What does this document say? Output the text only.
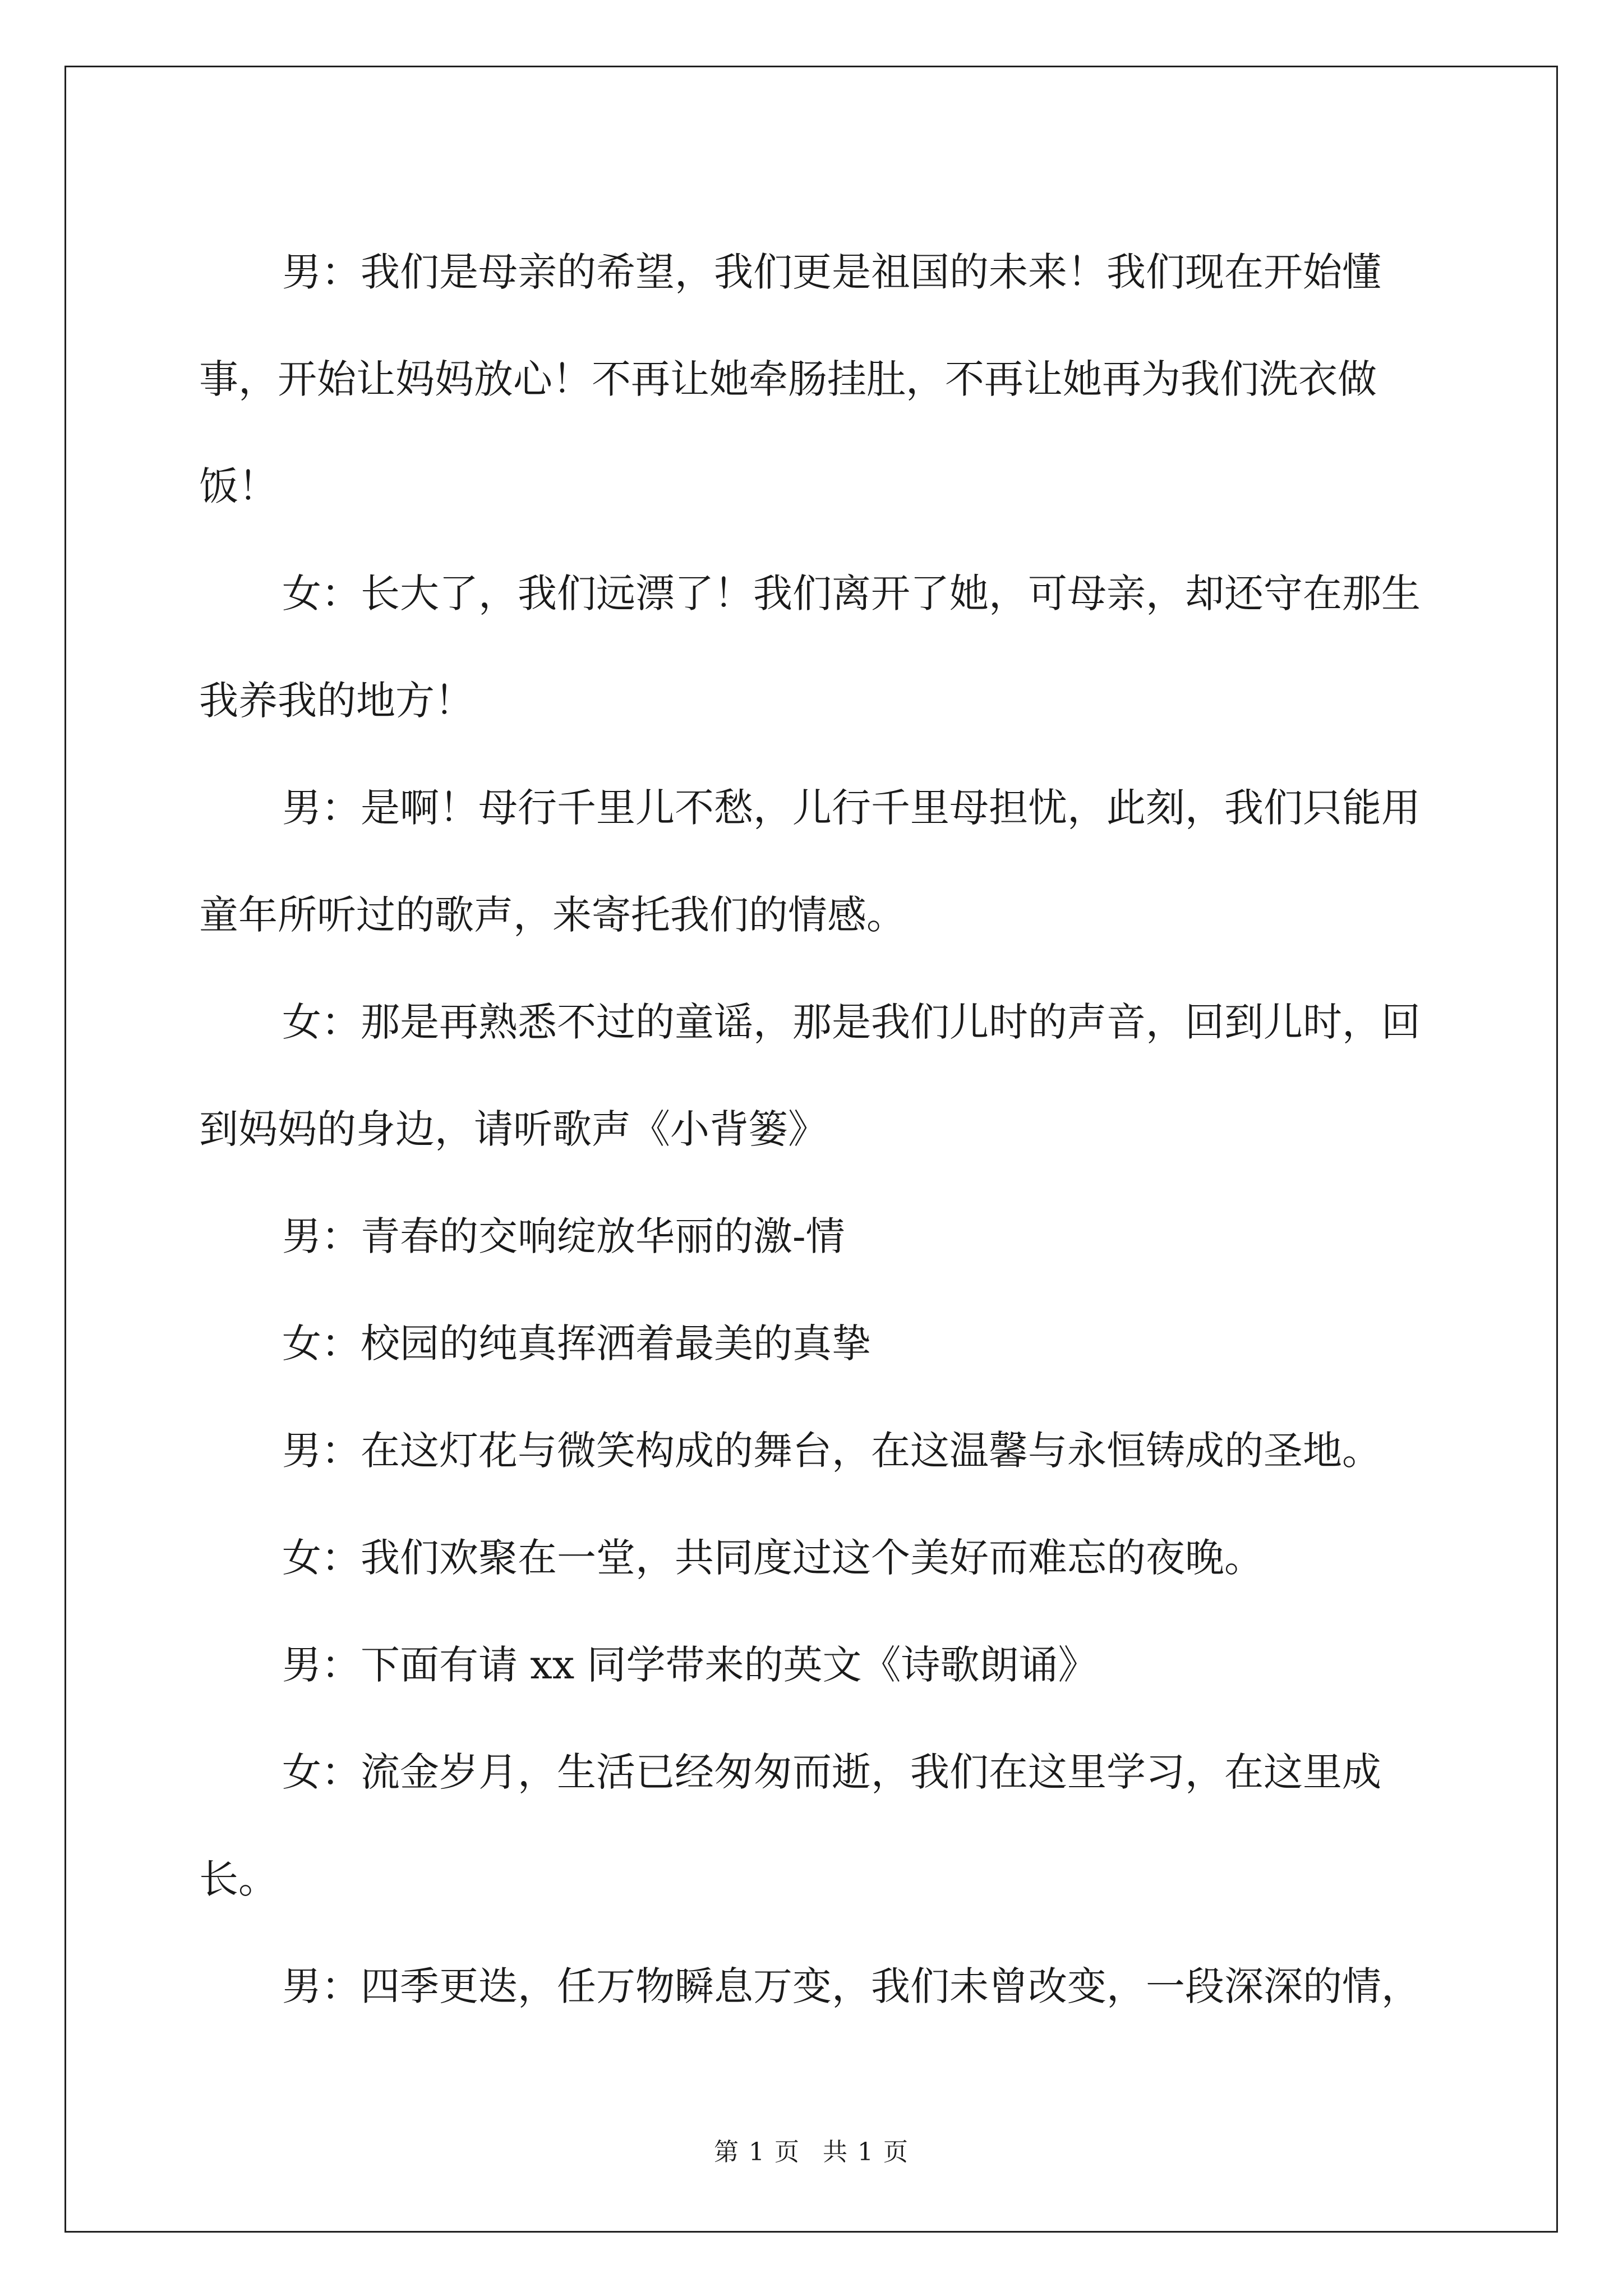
男：我们是母亲的希望，我们更是祖国的未来！我们现在开始懂事，开始让妈妈放心！不再让她牵肠挂肚，不再让她再为我们洗衣做饭！

女：长大了，我们远漂了！我们离开了她，可母亲，却还守在那生我养我的地方！

男：是啊！母行千里儿不愁，儿行千里母担忧，此刻，我们只能用童年所听过的歌声，来寄托我们的情感。

女：那是再熟悉不过的童谣，那是我们儿时的声音，回到儿时，回到妈妈的身边，请听歌声《小背篓》

男：青春的交响绽放华丽的激-情

女：校园的纯真挥洒着最美的真挚

男：在这灯花与微笑构成的舞台，在这温馨与永恒铸成的圣地。

女：我们欢聚在一堂，共同度过这个美好而难忘的夜晚。

男：下面有请 xx 同学带来的英文《诗歌朗诵》

女：流金岁月，生活已经匆匆而逝，我们在这里学习，在这里成长。

男：四季更迭，任万物瞬息万变，我们未曾改变，一段深深的情，

第 1 页 共 1 页
